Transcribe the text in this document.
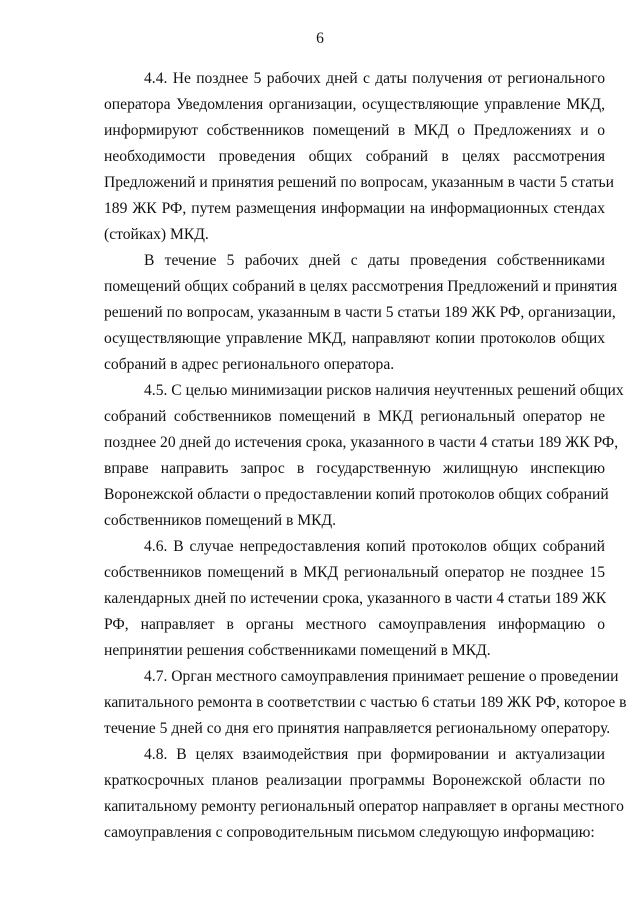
6
4.4. Не позднее 5 рабочих дней с даты получения от регионального
оператора Уведомления организации, осуществляющие управление МКД,
информируют собственников помещений в МКД о Предложениях и о
необходимости проведения общих собраний в целях рассмотрения
Предложений и принятия решений по вопросам, указанным в части 5 статьи
189 ЖК РФ, путем размещения информации на информационных стендах
(стойках) МКД.
В течение 5 рабочих дней с даты проведения собственниками
помещений общих собраний в целях рассмотрения Предложений и принятия
решений по вопросам, указанным в части 5 статьи 189 ЖК РФ, организации,
осуществляющие управление МКД, направляют копии протоколов общих
собраний в адрес регионального оператора.
4.5. С целью минимизации рисков наличия неучтенных решений общих
собраний собственников помещений в МКД региональный оператор не
позднее 20 дней до истечения срока, указанного в части 4 статьи 189 ЖК РФ,
вправе направить запрос в государственную жилищную инспекцию
Воронежской области о предоставлении копий протоколов общих собраний
собственников помещений в МКД.
4.6. В случае непредоставления копий протоколов общих собраний
собственников помещений в МКД региональный оператор не позднее 15
календарных дней по истечении срока, указанного в части 4 статьи 189 ЖК
РФ, направляет в органы местного самоуправления информацию о
непринятии решения собственниками помещений в МКД.
4.7. Орган местного самоуправления принимает решение о проведении
капитального ремонта в соответствии с частью 6 статьи 189 ЖК РФ, которое в
течение 5 дней со дня его принятия направляется региональному оператору.
4.8. В целях взаимодействия при формировании и актуализации
краткосрочных планов реализации программы Воронежской области по
капитальному ремонту региональный оператор направляет в органы местного
самоуправления с сопроводительным письмом следующую информацию:
